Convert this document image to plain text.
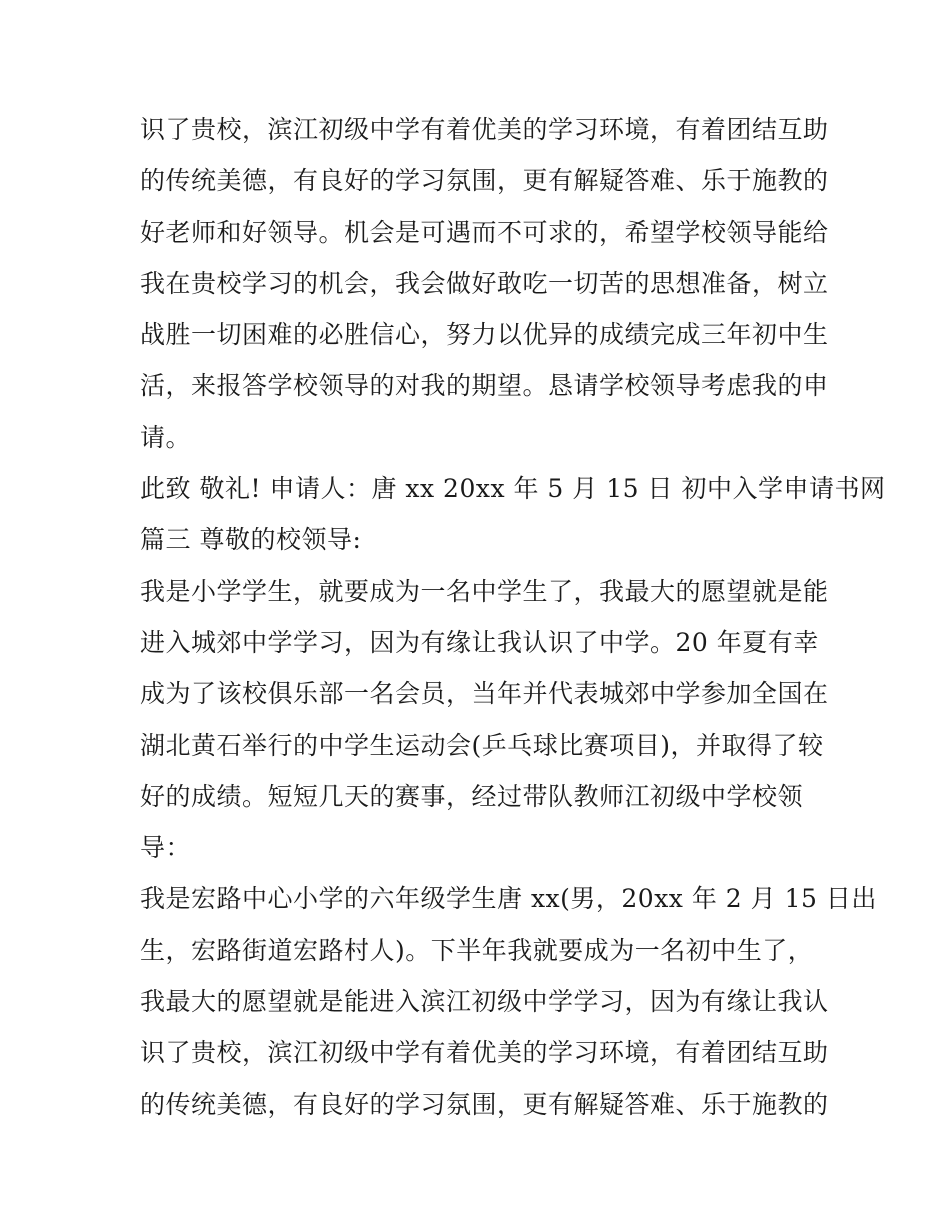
识了贵校，滨江初级中学有着优美的学习环境，有着团结互助
的传统美德，有良好的学习氛围，更有解疑答难、乐于施教的
好老师和好领导。机会是可遇而不可求的，希望学校领导能给
我在贵校学习的机会，我会做好敢吃一切苦的思想准备，树立
战胜一切困难的必胜信心，努力以优异的成绩完成三年初中生
活，来报答学校领导的对我的期望。恳请学校领导考虑我的申
请。
此致 敬礼! 申请人：唐 xx 20xx 年 5 月 15 日 初中入学申请书网
篇三 尊敬的校领导:
我是小学学生，就要成为一名中学生了，我最大的愿望就是能
进入城郊中学学习，因为有缘让我认识了中学。20 年夏有幸
成为了该校俱乐部一名会员，当年并代表城郊中学参加全国在
湖北黄石举行的中学生运动会(乒乓球比赛项目)，并取得了较
好的成绩。短短几天的赛事，经过带队教师江初级中学校领
导：
我是宏路中心小学的六年级学生唐 xx(男，20xx 年 2 月 15 日出
生，宏路街道宏路村人)。下半年我就要成为一名初中生了，
我最大的愿望就是能进入滨江初级中学学习，因为有缘让我认
识了贵校，滨江初级中学有着优美的学习环境，有着团结互助
的传统美德，有良好的学习氛围，更有解疑答难、乐于施教的
